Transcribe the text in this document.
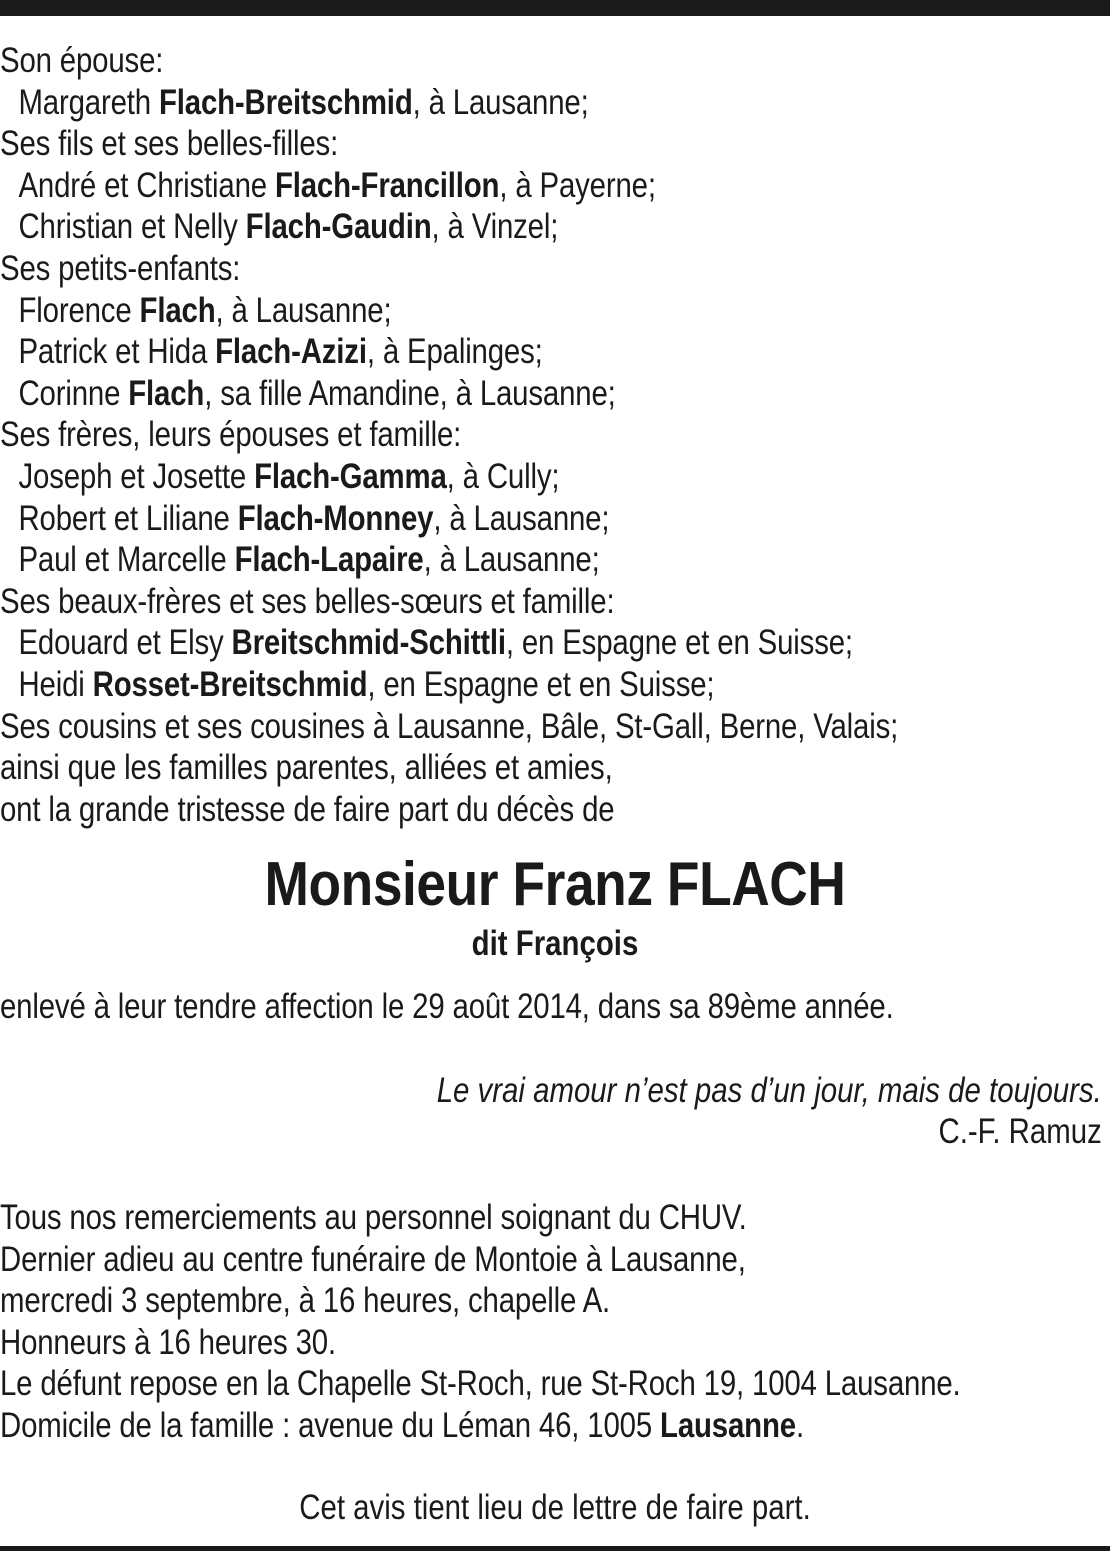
Son épouse:
Margareth Flach-Breitschmid, à Lausanne;
Ses fils et ses belles-filles:
André et Christiane Flach-Francillon, à Payerne;
Christian et Nelly Flach-Gaudin, à Vinzel;
Ses petits-enfants:
Florence Flach, à Lausanne;
Patrick et Hida Flach-Azizi, à Epalinges;
Corinne Flach, sa fille Amandine, à Lausanne;
Ses frères, leurs épouses et famille:
Joseph et Josette Flach-Gamma, à Cully;
Robert et Liliane Flach-Monney, à Lausanne;
Paul et Marcelle Flach-Lapaire, à Lausanne;
Ses beaux-frères et ses belles-sœurs et famille:
Edouard et Elsy Breitschmid-Schittli, en Espagne et en Suisse;
Heidi Rosset-Breitschmid, en Espagne et en Suisse;
Ses cousins et ses cousines à Lausanne, Bâle, St-Gall, Berne, Valais;
ainsi que les familles parentes, alliées et amies,
ont la grande tristesse de faire part du décès de
Monsieur Franz FLACH
dit François
enlevé à leur tendre affection le 29 août 2014, dans sa 89ème année.
Le vrai amour n’est pas d’un jour, mais de toujours.
C.-F. Ramuz
Tous nos remerciements au personnel soignant du CHUV.
Dernier adieu au centre funéraire de Montoie à Lausanne,
mercredi 3 septembre, à 16 heures, chapelle A.
Honneurs à 16 heures 30.
Le défunt repose en la Chapelle St-Roch, rue St-Roch 19, 1004 Lausanne.
Domicile de la famille : avenue du Léman 46, 1005 Lausanne.
Cet avis tient lieu de lettre de faire part.
